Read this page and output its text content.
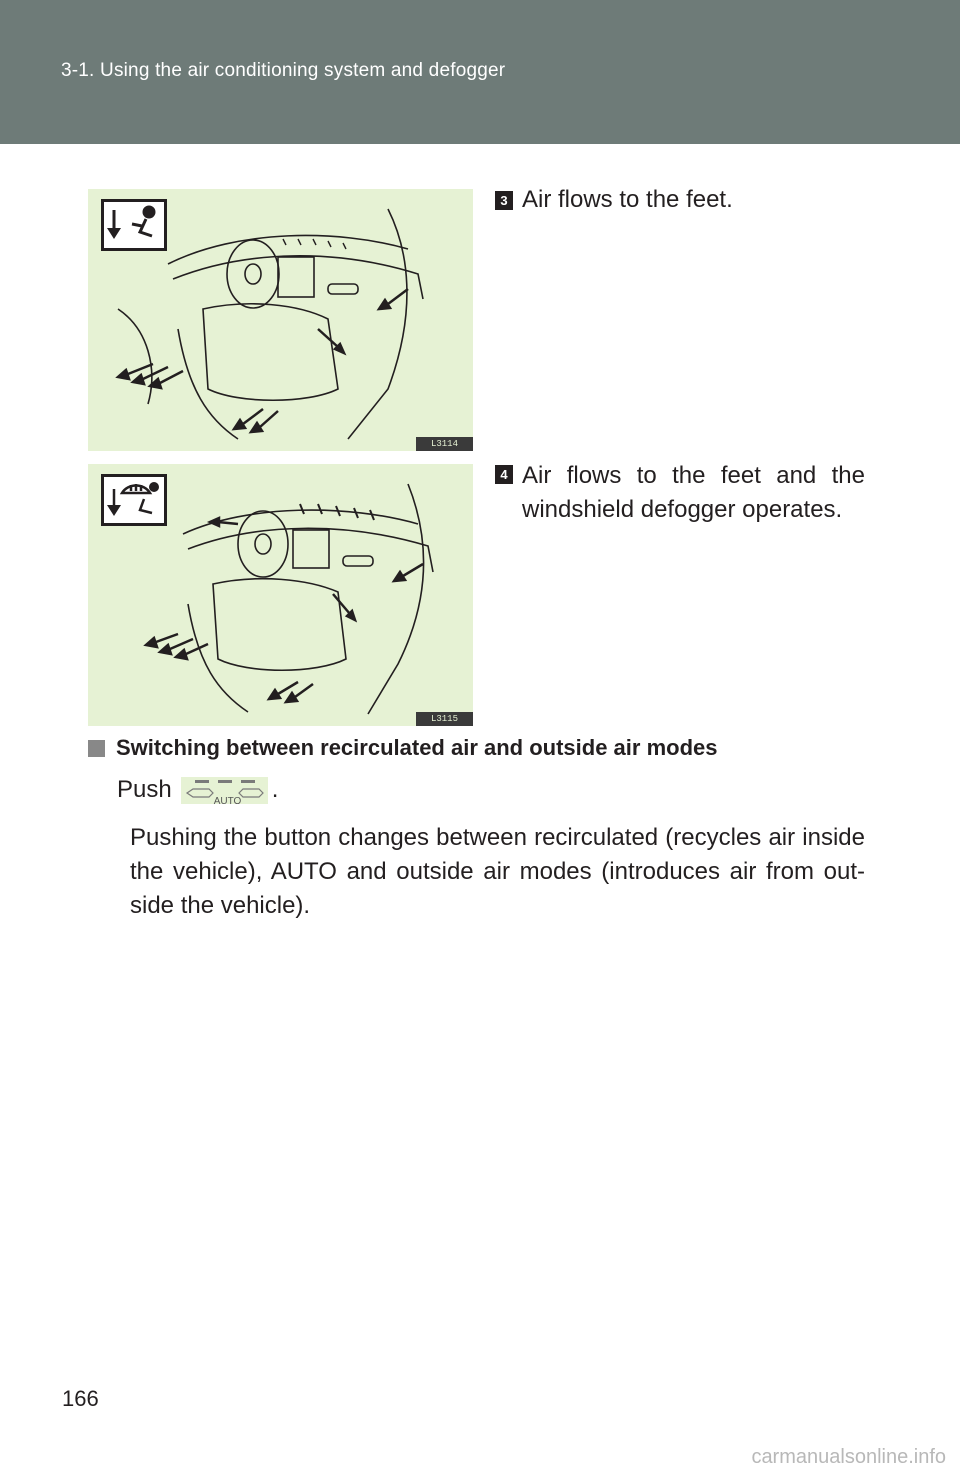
3-1. Using the air conditioning system and defogger
L3114
3 Air flows to the feet.
L3115
4 Air flows to the feet and the windshield defogger operates.
Switching between recirculated air and outside air modes
Push	AUTO .
Pushing the button changes between recirculated (recycles air inside the vehicle), AUTO and outside air modes (introduces air from out- side the vehicle).
166
carmanualsonline.info
